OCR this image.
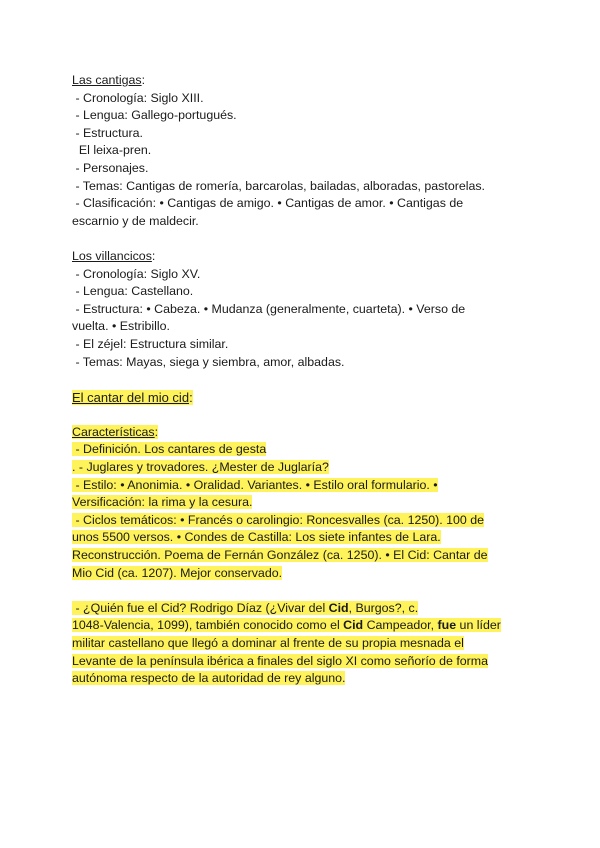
Las cantigas:
- Cronología: Siglo XIII.
- Lengua: Gallego-portugués.
- Estructura.
El leixa-pren.
- Personajes.
- Temas: Cantigas de romería, barcarolas, bailadas, alboradas, pastorelas.
- Clasificación: • Cantigas de amigo. • Cantigas de amor. • Cantigas de
escarnio y de maldecir.
Los villancicos:
- Cronología: Siglo XV.
- Lengua: Castellano.
- Estructura: • Cabeza. • Mudanza (generalmente, cuarteta). • Verso de
vuelta. • Estribillo.
- El zéjel: Estructura similar.
- Temas: Mayas, siega y siembra, amor, albadas.
El cantar del mio cid:
Características:
- Definición. Los cantares de gesta
. - Juglares y trovadores. ¿Mester de Juglaría?
- Estilo: • Anonimia. • Oralidad. Variantes. • Estilo oral formulario. •
Versificación: la rima y la cesura.
- Ciclos temáticos: • Francés o carolingio: Roncesvalles (ca. 1250). 100 de
unos 5500 versos. • Condes de Castilla: Los siete infantes de Lara.
Reconstrucción. Poema de Fernán González (ca. 1250). • El Cid: Cantar de
Mio Cid (ca. 1207). Mejor conservado.
- ¿Quién fue el Cid? Rodrigo Díaz (¿Vivar del Cid, Burgos?, c.
1048-Valencia, 1099), también conocido como el Cid Campeador, fue un líder
militar castellano que llegó a dominar al frente de su propia mesnada el
Levante de la península ibérica a finales del siglo XI como señorío de forma
autónoma respecto de la autoridad de rey alguno.
